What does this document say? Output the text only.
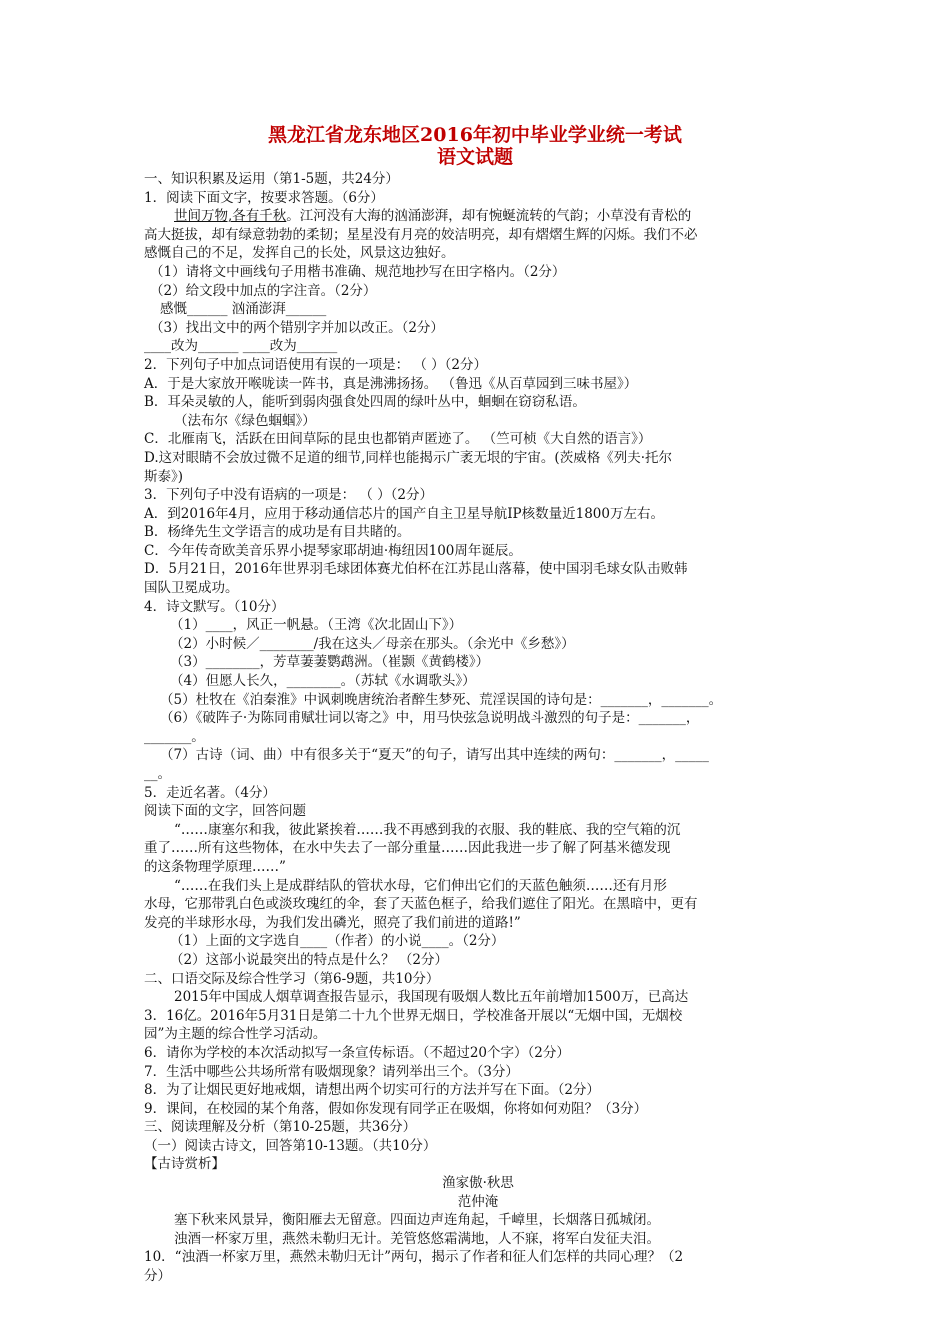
黑龙江省龙东地区2016年初中毕业学业统一考试
语文试题
一、知识积累及运用（第1-5题，共24分）
1．阅读下面文字，按要求答题。（6分）
世间万物,各有千秋。江河没有大海的汹涌澎湃，却有惋蜒流转的气韵；小草没有青松的
高大挺拔，却有绿意勃勃的柔韧；星星没有月亮的姣洁明亮，却有熠熠生辉的闪烁。我们不必
感慨自己的不足，发挥自己的长处，风景这边独好。
（1）请将文中画线句子用楷书准确、规范地抄写在田字格内。（2分）
（2）给文段中加点的字注音。（2分）
感慨______ 汹涌澎湃______
（3）找出文中的两个错别字并加以改正。（2分）
____改为______ ____改为______
2．下列句子中加点词语使用有误的一项是： （ ）（2分）
A．于是大家放开喉咙读一阵书，真是沸沸扬扬。 （鲁迅《从百草园到三味书屋》）
B．耳朵灵敏的人，能听到弱肉强食处四周的绿叶丛中，蛔蛔在窃窃私语。
（法布尔《绿色蝈蝈》）
C．北雁南飞，活跃在田间草际的昆虫也都销声匿迹了。 （竺可桢《大自然的语言》）
D.这对眼睛不会放过微不足道的细节,同样也能揭示广袤无垠的宇宙。(茨威格《列夫·托尔
斯泰》)
3．下列句子中没有语病的一项是： （ ）（2分）
A．到2016年4月，应用于移动通信芯片的国产自主卫星导航IP核数量近1800万左右。
B．杨绛先生文学语言的成功是有目共睹的。
C．今年传奇欧美音乐界小提琴家耶胡迪·梅纽因100周年诞辰。
D．5月21日，2016年世界羽毛球团体赛尤伯杯在江苏昆山落幕，使中国羽毛球女队击败韩
国队卫冕成功。
4．诗文默写。（10分）
（1）____，风正一帆悬。（王湾《次北固山下》）
（2）小时候／________/我在这头／母亲在那头。（余光中《乡愁》）
（3）________，芳草萋萋鹦鹉洲。（崔颢《黄鹤楼》）
（4）但愿人长久，________。（苏轼《水调歌头》）
（5）杜牧在《泊秦淮》中讽刺晚唐统治者醉生梦死、荒淫误国的诗句是：_______，_______。
（6）《破阵子·为陈同甫赋壮词以寄之》中，用马快弦急说明战斗激烈的句子是：_______，
_______。
（7）古诗（词、曲）中有很多关于“夏天”的句子，请写出其中连续的两句：_______，_____
__。
5．走近名著。（4分）
阅读下面的文字，回答问题
“……康塞尔和我，彼此紧挨着……我不再感到我的衣服、我的鞋底、我的空气箱的沉
重了……所有这些物体，在水中失去了一部分重量……因此我进一步了解了阿基米德发现
的这条物理学原理……”
“……在我们头上是成群结队的管状水母，它们伸出它们的天蓝色触须……还有月形
水母，它那带乳白色或淡玫瑰红的伞，套了天蓝色框子，给我们遮住了阳光。在黑暗中，更有
发亮的半球形水母，为我们发出磷光，照亮了我们前进的道路!”
（1）上面的文字选自____（作者）的小说____。（2分）
（2）这部小说最突出的特点是什么？ （2分）
二、口语交际及综合性学习（第6-9题，共10分）
2015年中国成人烟草调查报告显示，我国现有吸烟人数比五年前增加1500万，已高达
3．16亿。2016年5月31日是第二十九个世界无烟日，学校准备开展以“无烟中国，无烟校
园”为主题的综合性学习活动。
6．请你为学校的本次活动拟写一条宣传标语。（不超过20个字）（2分）
7．生活中哪些公共场所常有吸烟现象？请列举出三个。（3分）
8．为了让烟民更好地戒烟，请想出两个切实可行的方法并写在下面。（2分）
9．课间，在校园的某个角落，假如你发现有同学正在吸烟，你将如何劝阻？（3分）
三、阅读理解及分析（第10-25题，共36分）
（一）阅读古诗文，回答第10-13题。（共10分）
【古诗赏析】
渔家傲·秋思
范仲淹
塞下秋来风景异，衡阳雁去无留意。四面边声连角起，千嶂里，长烟落日孤城闭。
浊酒一杯家万里，燕然未勒归无计。羌管悠悠霜满地，人不寐，将军白发征夫泪。
10．“浊酒一杯家万里，燕然未勒归无计”两句，揭示了作者和征人们怎样的共同心理？（2
分）
